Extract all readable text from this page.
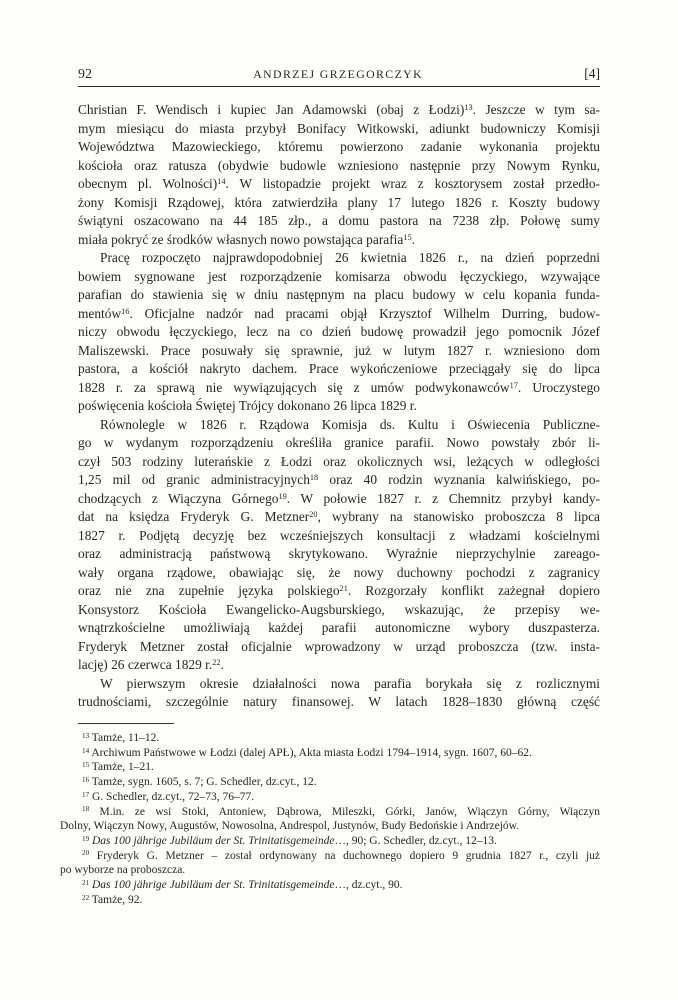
92	ANDRZEJ GRZEGORCZYK	[4]
Christian F. Wendisch i kupiec Jan Adamowski (obaj z Łodzi)$^{13}$. Jeszcze w tym sa-
mym miesiącu do miasta przybył Bonifacy Witkowski, adiunkt budowniczy Komisji
Województwa Mazowieckiego, któremu powierzono zadanie wykonania projektu
kościoła oraz ratusza (obydwie budowle wzniesiono następnie przy Nowym Rynku,
obecnym pl. Wolności)$^{14}$. W listopadzie projekt wraz z kosztorysem został przedło-
żony Komisji Rządowej, która zatwierdziła plany 17 lutego 1826 r. Koszty budowy
świątyni oszacowano na 44 185 złp., a domu pastora na 7238 złp. Połowę sumy
miała pokryć ze środków własnych nowo powstająca parafia$^{15}$.
Pracę rozpoczęto najprawdopodobniej 26 kwietnia 1826 r., na dzień poprzedni
bowiem sygnowane jest rozporządzenie komisarza obwodu łęczyckiego, wzywające
parafian do stawienia się w dniu następnym na placu budowy w celu kopania funda-
mentów$^{16}$. Oficjalne nadzór nad pracami objął Krzysztof Wilhelm Durring, budow-
niczy obwodu łęczyckiego, lecz na co dzień budowę prowadził jego pomocnik Józef
Maliszewski. Prace posuwały się sprawnie, już w lutym 1827 r. wzniesiono dom
pastora, a kościół nakryto dachem. Prace wykończeniowe przeciągały się do lipca
1828 r. za sprawą nie wywiązujących się z umów podwykonawców$^{17}$. Uroczystego
poświęcenia kościoła Świętej Trójcy dokonano 26 lipca 1829 r.
Równolegle w 1826 r. Rządowa Komisja ds. Kultu i Oświecenia Publiczne-
go w wydanym rozporządzeniu określiła granice parafii. Nowo powstały zbór li-
czył 503 rodziny luterańskie z Łodzi oraz okolicznych wsi, leżących w odległości
1,25 mil od granic administracyjnych$^{18}$ oraz 40 rodzin wyznania kalwińskiego, po-
chodzących z Wiączyna Górnego$^{19}$. W połowie 1827 r. z Chemnitz przybył kandy-
dat na księdza Fryderyk G. Metzner$^{20}$, wybrany na stanowisko proboszcza 8 lipca
1827 r. Podjętą decyzję bez wcześniejszych konsultacji z władzami kościelnymi
oraz administracją państwową skrytykowano. Wyraźnie nieprzychylnie zareago-
wały organa rządowe, obawiając się, że nowy duchowny pochodzi z zagranicy
oraz nie zna zupełnie języka polskiego$^{21}$. Rozgorzały konflikt zażegnał dopiero
Konsystorz Kościoła Ewangelicko-Augsburskiego, wskazując, że przepisy we-
wnątrzkościelne umożliwiają każdej parafii autonomiczne wybory duszpasterza.
Fryderyk Metzner został oficjalnie wprowadzony w urząd proboszcza (tzw. insta-
lację) 26 czerwca 1829 r.$^{22}$.
W pierwszym okresie działalności nowa parafia borykała się z rozlicznymi
trudnościami, szczególnie natury finansowej. W latach 1828–1830 główną część
$^{13}$ Tamże, 11–12.
$^{14}$ Archiwum Państwowe w Łodzi (dalej APŁ), Akta miasta Łodzi 1794–1914, sygn. 1607, 60–62.
$^{15}$ Tamże, 1–21.
$^{16}$ Tamże, sygn. 1605, s. 7; G. Schedler, dz.cyt., 12.
$^{17}$ G. Schedler, dz.cyt., 72–73, 76–77.
$^{18}$ M.in. ze wsi Stoki, Antoniew, Dąbrowa, Mileszki, Górki, Janów, Wiączyn Górny, Wiączyn
Dolny, Wiączyn Nowy, Augustów, Nowosolna, Andrespol, Justynów, Budy Bedońskie i Andrzejów.
$^{19}$ Das 100 jährige Jubiläum der St. Trinitatisgemeinde…, 90; G. Schedler, dz.cyt., 12–13.
$^{20}$ Fryderyk G. Metzner – został ordynowany na duchownego dopiero 9 grudnia 1827 r., czyli już
po wyborze na proboszcza.
$^{21}$ Das 100 jährige Jubiläum der St. Trinitatisgemeinde…, dz.cyt., 90.
$^{22}$ Tamże, 92.
